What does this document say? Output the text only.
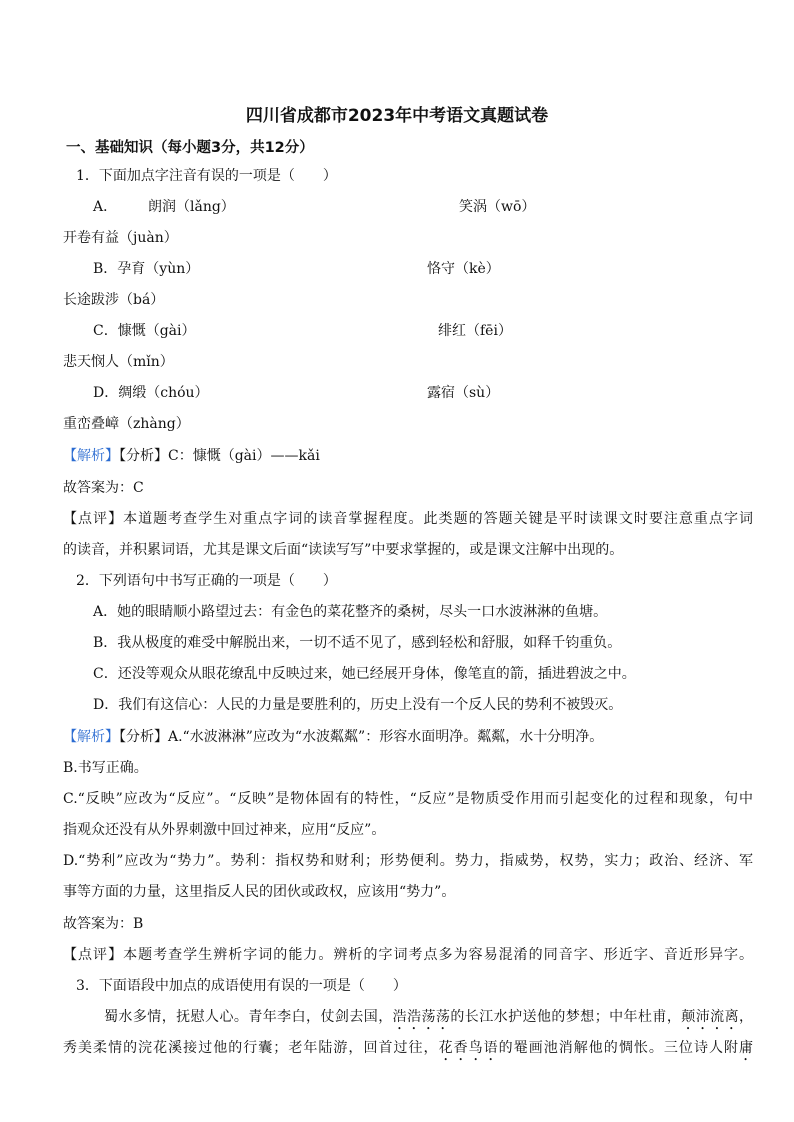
四川省成都市2023年中考语文真题试卷
一、基础知识（每小题3分，共12分）
1．下面加点字注音有误的一项是（　　）
A． 朗润（lǎng）	笑涡（wō）
开卷有益（juàn）
B．孕育（yùn）	恪守（kè）
长途跋涉（bá）
C．慷慨（gài）	绯红（fēi）
悲天悯人（mǐn）
D．绸缎（chóu）	露宿（sù）
重峦叠嶂（zhàng）
【解析】【分析】C：慷慨（gài）——kǎi
故答案为：C
【点评】本道题考查学生对重点字词的读音掌握程度。此类题的答题关键是平时读课文时要注意重点字词
的读音，并积累词语，尤其是课文后面“读读写写”中要求掌握的，或是课文注解中出现的。
2．下列语句中书写正确的一项是（　　）
A．她的眼睛顺小路望过去：有金色的菜花整齐的桑树，尽头一口水波淋淋的鱼塘。
B．我从极度的难受中解脱出来，一切不适不见了，感到轻松和舒服，如释千钧重负。
C．还没等观众从眼花缭乱中反映过来，她已经展开身体，像笔直的箭，插进碧波之中。
D．我们有这信心：人民的力量是要胜利的，历史上没有一个反人民的势利不被毁灭。
【解析】【分析】A.“水波淋淋”应改为“水波粼粼”：形容水面明净。粼粼，水十分明净。
B.书写正确。
C.“反映”应改为“反应”。“反映”是物体固有的特性，“反应”是物质受作用而引起变化的过程和现象，句中
指观众还没有从外界刺激中回过神来，应用“反应”。
D.“势利”应改为“势力”。势利：指权势和财利；形势便利。势力，指威势，权势，实力；政治、经济、军
事等方面的力量，这里指反人民的团伙或政权，应该用“势力”。
故答案为：B
【点评】本题考查学生辨析字词的能力。辨析的字词考点多为容易混淆的同音字、形近字、音近形异字。
3．下面语段中加点的成语使用有误的一项是（　　）
蜀水多情，抚慰人心。青年李白，仗剑去国，浩浩荡荡的长江水护送他的梦想；中年杜甫，颠沛流离，
秀美柔情的浣花溪接过他的行囊；老年陆游，回首过往，花香鸟语的罨画池消解他的惆怅。三位诗人附庸
